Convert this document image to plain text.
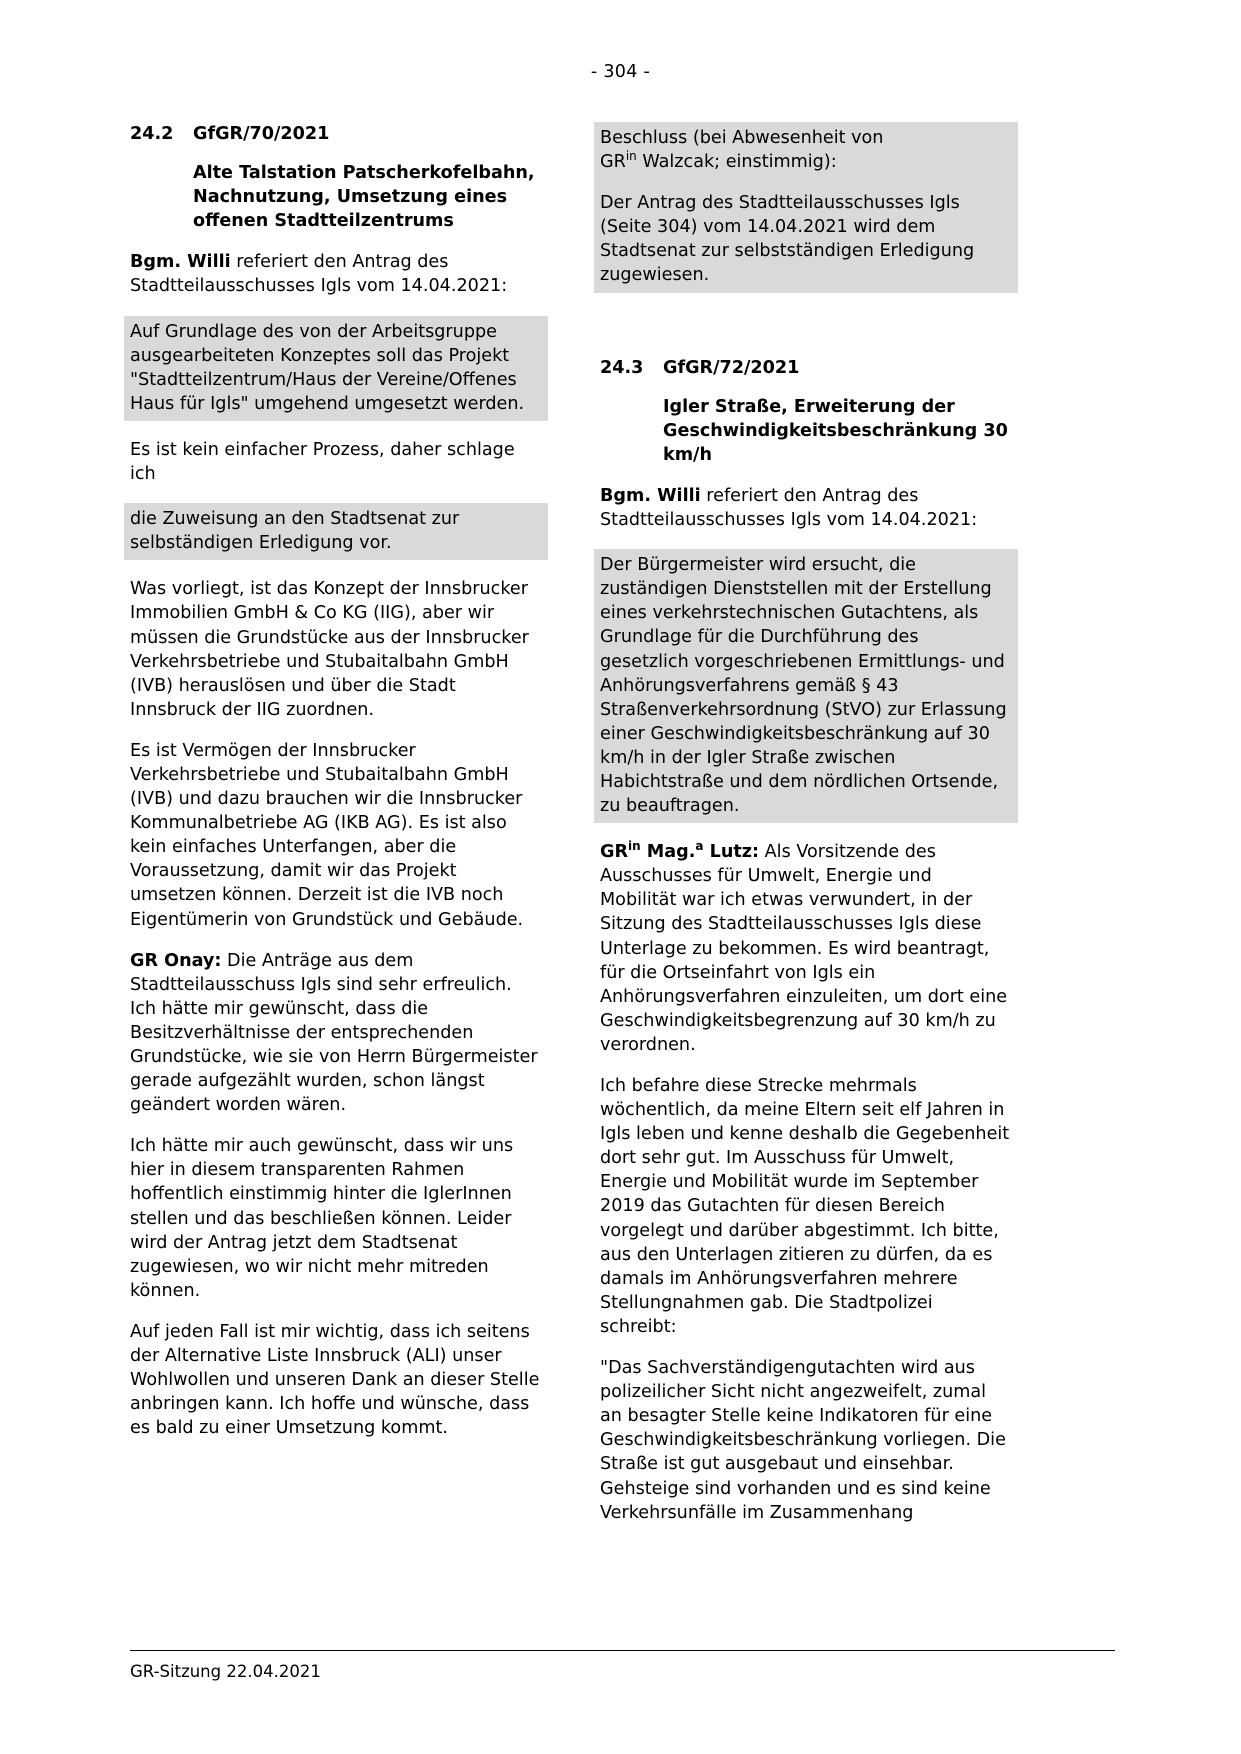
- 304 -
24.2	GfGR/70/2021
Alte Talstation Patscherkofelbahn, Nachnutzung, Umsetzung eines offenen Stadtteilzentrums

Bgm. Willi referiert den Antrag des Stadtteilausschusses Igls vom 14.04.2021:

Auf Grundlage des von der Arbeitsgruppe ausgearbeiteten Konzeptes soll das Projekt "Stadtteilzentrum/Haus der Vereine/Offenes Haus für Igls" umgehend umgesetzt werden.

Es ist kein einfacher Prozess, daher schlage ich

die Zuweisung an den Stadtsenat zur selbständigen Erledigung vor.

Was vorliegt, ist das Konzept der Innsbrucker Immobilien GmbH & Co KG (IIG), aber wir müssen die Grundstücke aus der Innsbrucker Verkehrsbetriebe und Stubaitalbahn GmbH (IVB) herauslösen und über die Stadt Innsbruck der IIG zuordnen.

Es ist Vermögen der Innsbrucker Verkehrsbetriebe und Stubaitalbahn GmbH (IVB) und dazu brauchen wir die Innsbrucker Kommunalbetriebe AG (IKB AG). Es ist also kein einfaches Unterfangen, aber die Voraussetzung, damit wir das Projekt umsetzen können. Derzeit ist die IVB noch Eigentümerin von Grundstück und Gebäude.

GR Onay: Die Anträge aus dem Stadtteilausschuss Igls sind sehr erfreulich. Ich hätte mir gewünscht, dass die Besitzverhältnisse der entsprechenden Grundstücke, wie sie von Herrn Bürgermeister gerade aufgezählt wurden, schon längst geändert worden wären.

Ich hätte mir auch gewünscht, dass wir uns hier in diesem transparenten Rahmen hoffentlich einstimmig hinter die IglerInnen stellen und das beschließen können. Leider wird der Antrag jetzt dem Stadtsenat zugewiesen, wo wir nicht mehr mitreden können.

Auf jeden Fall ist mir wichtig, dass ich seitens der Alternative Liste Innsbruck (ALI) unser Wohlwollen und unseren Dank an dieser Stelle anbringen kann. Ich hoffe und wünsche, dass es bald zu einer Umsetzung kommt.

Beschluss (bei Abwesenheit von

$GR^{in}$ Walzcak; einstimmig):

Der Antrag des Stadtteilausschusses Igls (Seite 304) vom 14.04.2021 wird dem Stadtsenat zur selbstständigen Erledigung zugewiesen.

24.3	GfGR/72/2021
Igler Straße, Erweiterung der Geschwindigkeitsbeschränkung 30 km/h

Bgm. Willi referiert den Antrag des Stadtteilausschusses Igls vom 14.04.2021:

Der Bürgermeister wird ersucht, die zuständigen Dienststellen mit der Erstellung eines verkehrstechnischen Gutachtens, als Grundlage für die Durchführung des gesetzlich vorgeschriebenen Ermittlungs- und Anhörungsverfahrens gemäß § 43 Straßenverkehrsordnung (StVO) zur Erlassung einer Geschwindigkeitsbeschränkung auf 30 km/h in der Igler Straße zwischen Habichtstraße und dem nördlichen Ortsende, zu beauftragen.

$GR^{in}$ Mag.$^a$ Lutz: Als Vorsitzende des Ausschusses für Umwelt, Energie und Mobilität war ich etwas verwundert, in der Sitzung des Stadtteilausschusses Igls diese Unterlage zu bekommen. Es wird beantragt, für die Ortseinfahrt von Igls ein Anhörungsverfahren einzuleiten, um dort eine Geschwindigkeitsbegrenzung auf 30 km/h zu verordnen.

Ich befahre diese Strecke mehrmals wöchentlich, da meine Eltern seit elf Jahren in Igls leben und kenne deshalb die Gegebenheit dort sehr gut. Im Ausschuss für Umwelt, Energie und Mobilität wurde im September 2019 das Gutachten für diesen Bereich vorgelegt und darüber abgestimmt. Ich bitte, aus den Unterlagen zitieren zu dürfen, da es damals im Anhörungsverfahren mehrere Stellungnahmen gab. Die Stadtpolizei schreibt:

"Das Sachverständigengutachten wird aus polizeilicher Sicht nicht angezweifelt, zumal an besagter Stelle keine Indikatoren für eine Geschwindigkeitsbeschränkung vorliegen. Die Straße ist gut ausgebaut und einsehbar. Gehsteige sind vorhanden und es sind keine Verkehrsunfälle im Zusammenhang

GR-Sitzung 22.04.2021
